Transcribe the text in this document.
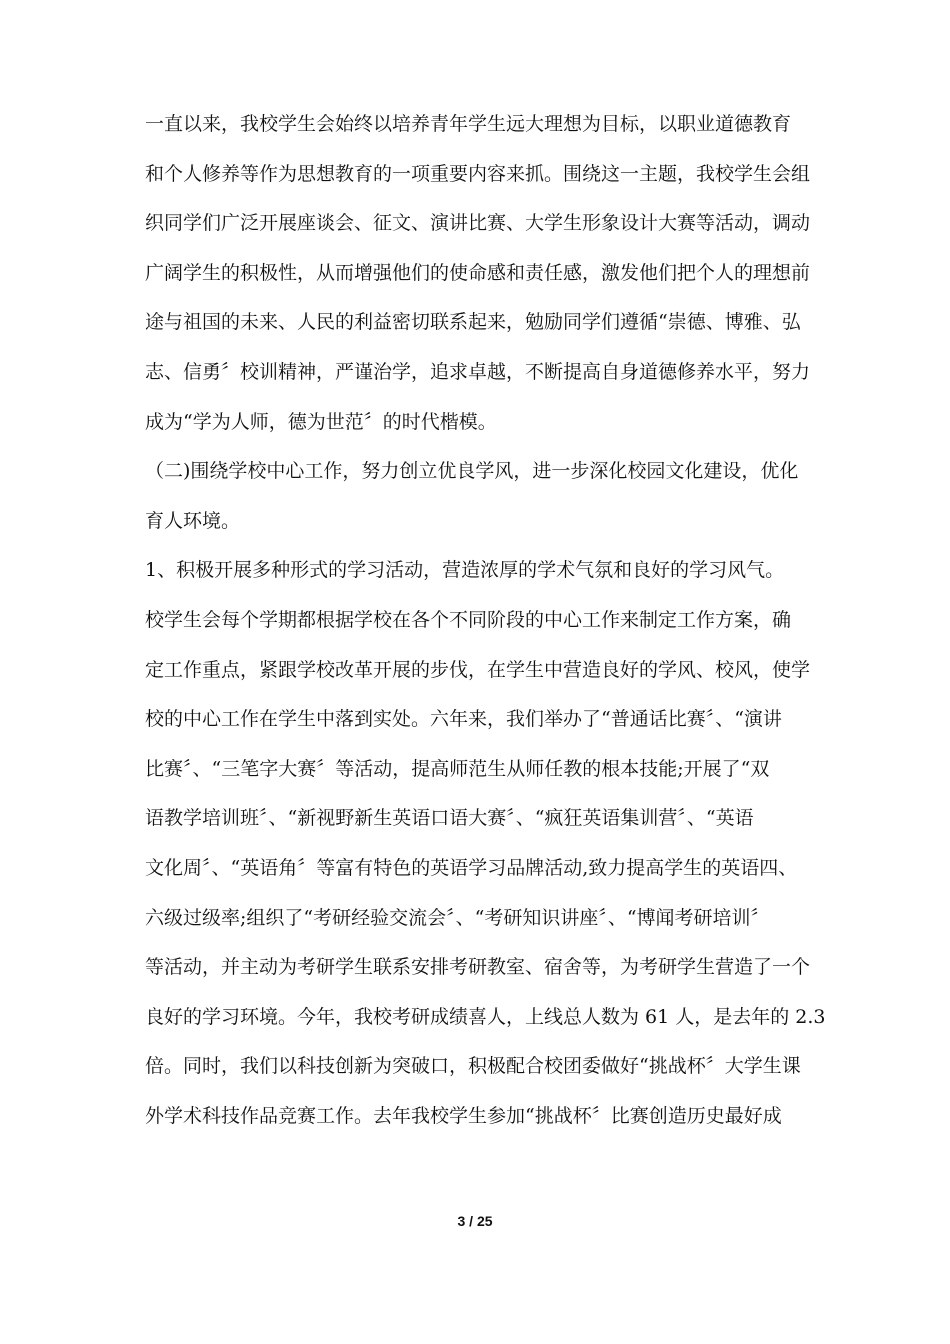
一直以来，我校学生会始终以培养青年学生远大理想为目标，以职业道德教育
和个人修养等作为思想教育的一项重要内容来抓。围绕这一主题，我校学生会组
织同学们广泛开展座谈会、征文、演讲比赛、大学生形象设计大赛等活动，调动
广阔学生的积极性，从而增强他们的使命感和责任感，激发他们把个人的理想前
途与祖国的未来、人民的利益密切联系起来，勉励同学们遵循“崇德、博雅、弘
志、信勇〞校训精神，严谨治学，追求卓越，不断提高自身道德修养水平，努力
成为“学为人师，德为世范〞的时代楷模。
（二)围绕学校中心工作，努力创立优良学风，进一步深化校园文化建设，优化
育人环境。
1、积极开展多种形式的学习活动，营造浓厚的学术气氛和良好的学习风气。
校学生会每个学期都根据学校在各个不同阶段的中心工作来制定工作方案，确
定工作重点，紧跟学校改革开展的步伐，在学生中营造良好的学风、校风，使学
校的中心工作在学生中落到实处。六年来，我们举办了“普通话比赛〞、“演讲
比赛〞、“三笔字大赛〞等活动，提高师范生从师任教的根本技能;开展了“双
语教学培训班〞、“新视野新生英语口语大赛〞、“疯狂英语集训营〞、“英语
文化周〞、“英语角〞等富有特色的英语学习品牌活动,致力提高学生的英语四、
六级过级率;组织了“考研经验交流会〞、“考研知识讲座〞、“博闻考研培训〞
等活动，并主动为考研学生联系安排考研教室、宿舍等，为考研学生营造了一个
良好的学习环境。今年，我校考研成绩喜人，上线总人数为 61 人，是去年的 2.3
倍。同时，我们以科技创新为突破口，积极配合校团委做好“挑战杯〞大学生课
外学术科技作品竞赛工作。去年我校学生参加“挑战杯〞比赛创造历史最好成
3 / 25
